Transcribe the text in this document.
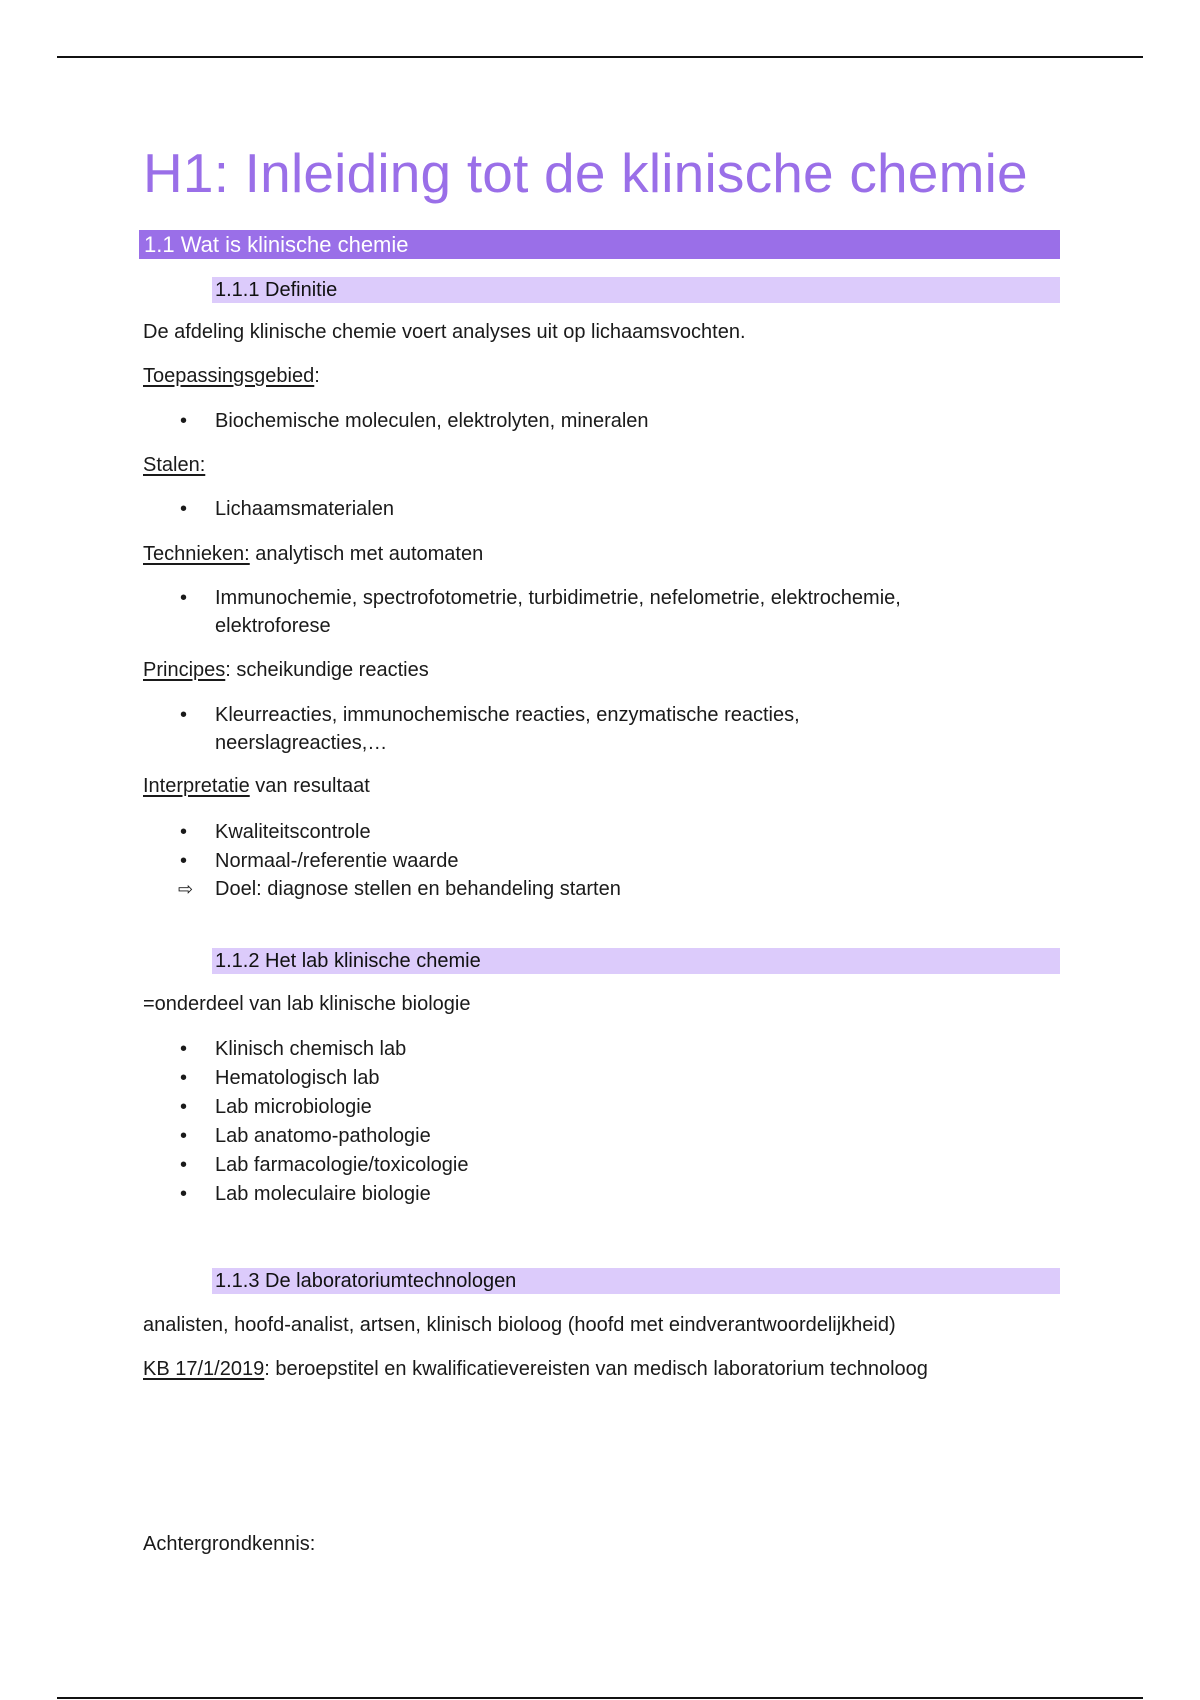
H1: Inleiding tot de klinische chemie
1.1 Wat is klinische chemie
1.1.1 Definitie
De afdeling klinische chemie voert analyses uit op lichaamsvochten.
Toepassingsgebied:
• Biochemische moleculen, elektrolyten, mineralen
Stalen:
• Lichaamsmaterialen
Technieken: analytisch met automaten
• Immunochemie, spectrofotometrie, turbidimetrie, nefelometrie, elektrochemie,
elektroforese
Principes: scheikundige reacties
• Kleurreacties, immunochemische reacties, enzymatische reacties,
neerslagreacties,…
Interpretatie van resultaat
• Kwaliteitscontrole
• Normaal-/referentie waarde
⇨ Doel: diagnose stellen en behandeling starten
1.1.2 Het lab klinische chemie
=onderdeel van lab klinische biologie
• Klinisch chemisch lab
• Hematologisch lab
• Lab microbiologie
• Lab anatomo-pathologie
• Lab farmacologie/toxicologie
• Lab moleculaire biologie
1.1.3 De laboratoriumtechnologen
analisten, hoofd-analist, artsen, klinisch bioloog (hoofd met eindverantwoordelijkheid)
KB 17/1/2019: beroepstitel en kwalificatievereisten van medisch laboratorium technoloog
Achtergrondkennis:
